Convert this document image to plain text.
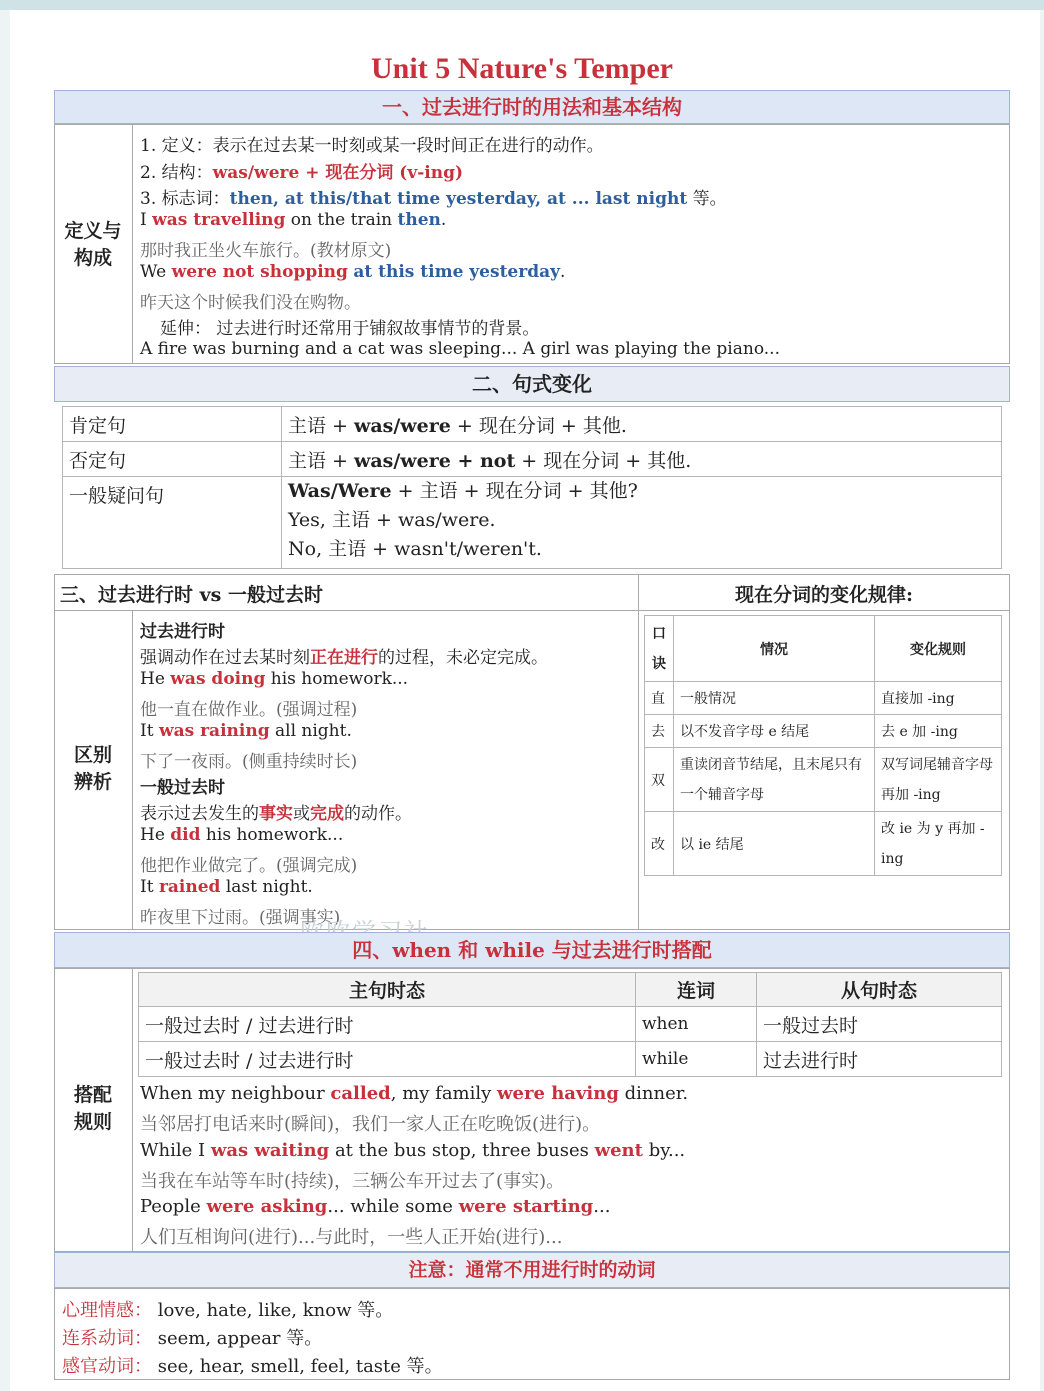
Unit 5 Nature's Temper
一、过去进行时的用法和基本结构
定义与
构成
1. 定义：表示在过去某一时刻或某一段时间正在进行的动作。
2. 结构：was/were + 现在分词 (v-ing)
3. 标志词：then, at this/that time yesterday, at ... last night 等。
I was travelling on the train then.
那时我正坐火车旅行。(教材原文)
We were not shopping at this time yesterday.
昨天这个时候我们没在购物。
延伸： 过去进行时还常用于铺叙故事情节的背景。
A fire was burning and a cat was sleeping... A girl was playing the piano...
二、句式变化
肯定句	主语 + was/were + 现在分词 + 其他.
否定句	主语 + was/were + not + 现在分词 + 其他.
一般疑问句	Was/Were + 主语 + 现在分词 + 其他?
Yes, 主语 + was/were.
No, 主语 + wasn't/weren't.
三、过去进行时 vs 一般过去时	现在分词的变化规律:
区别
辨析
过去进行时
强调动作在过去某时刻正在进行的过程，未必定完成。
He was doing his homework...
他一直在做作业。(强调过程)
It was raining all night.
下了一夜雨。(侧重持续时长)
一般过去时
表示过去发生的事实或完成的动作。
He did his homework...
他把作业做完了。(强调完成)
It rained last night.
昨夜里下过雨。(强调事实)
口
诀	情况	变化规则
直	一般情况	直接加 -ing
去	以不发音字母 e 结尾	去 e 加 -ing
双	重读闭音节结尾，且末尾只有一个辅音字母	双写词尾辅音字母再加 -ing
改	以 ie 结尾	改 ie 为 y 再加 -ing
四、when 和 while 与过去进行时搭配
搭配
规则
主句时态	连词	从句时态
一般过去时 / 过去进行时	when	一般过去时
一般过去时 / 过去进行时	while	过去进行时
When my neighbour called, my family were having dinner.
当邻居打电话来时(瞬间)，我们一家人正在吃晚饭(进行)。
While I was waiting at the bus stop, three buses went by...
当我在车站等车时(持续)，三辆公车开过去了(事实)。
People were asking... while some were starting...
人们互相询问(进行)...与此时，一些人正开始(进行)...
注意：通常不用进行时的动词
心理情感： love, hate, like, know 等。
连系动词： seem, appear 等。
感官动词： see, hear, smell, feel, taste 等。
